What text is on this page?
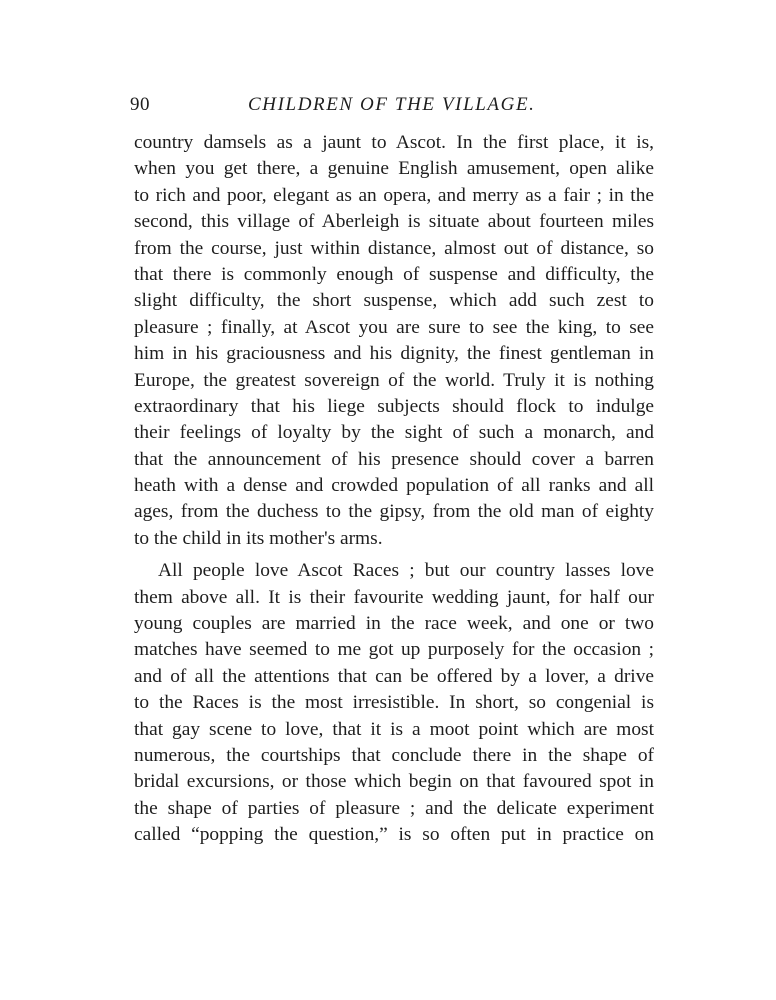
90	CHILDREN OF THE VILLAGE.
country damsels as a jaunt to Ascot. In the first place, it is,
when you get there, a genuine English amusement, open alike
to rich and poor, elegant as an opera, and merry as a fair ; in the
second, this village of Aberleigh is situate about fourteen miles
from the course, just within distance, almost out of distance, so
that there is commonly enough of suspense and difficulty, the
slight difficulty, the short suspense, which add such zest to
pleasure ; finally, at Ascot you are sure to see the king, to see
him in his graciousness and his dignity, the finest gentleman in
Europe, the greatest sovereign of the world. Truly it is nothing
extraordinary that his liege subjects should flock to indulge
their feelings of loyalty by the sight of such a monarch, and
that the announcement of his presence should cover a barren
heath with a dense and crowded population of all ranks and all
ages, from the duchess to the gipsy, from the old man of eighty
to the child in its mother's arms.
All people love Ascot Races ; but our country lasses love
them above all. It is their favourite wedding jaunt, for half our
young couples are married in the race week, and one or two
matches have seemed to me got up purposely for the occasion ;
and of all the attentions that can be offered by a lover, a drive
to the Races is the most irresistible. In short, so congenial is
that gay scene to love, that it is a moot point which are most
numerous, the courtships that conclude there in the shape of
bridal excursions, or those which begin on that favoured spot in
the shape of parties of pleasure ; and the delicate experiment
called “popping the question,” is so often put in practice on
